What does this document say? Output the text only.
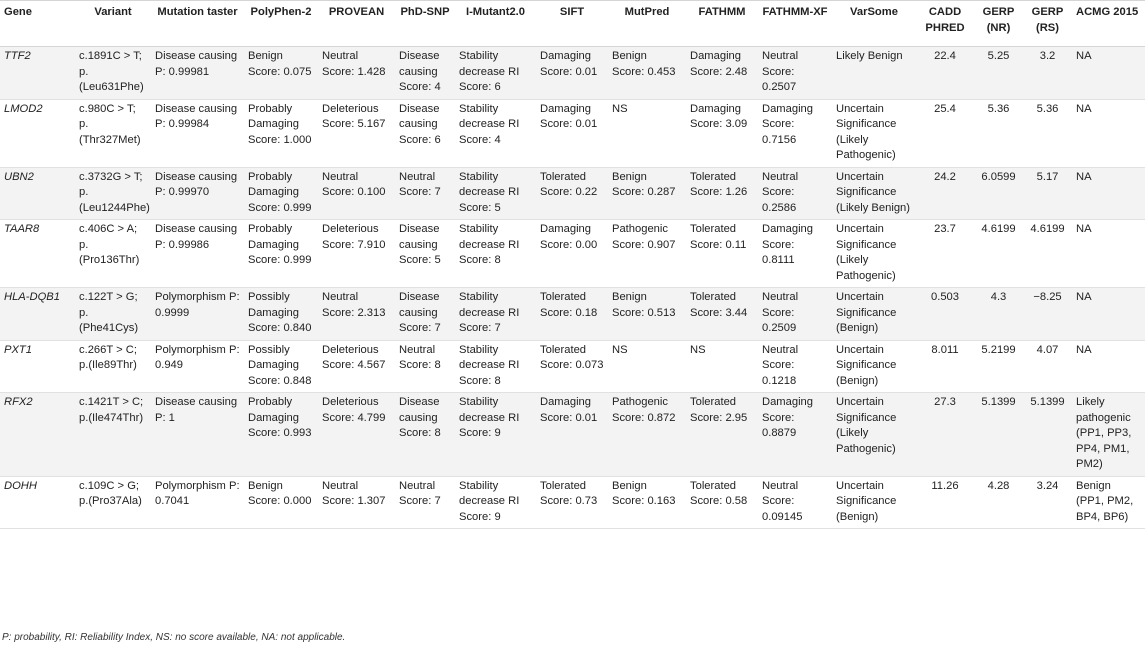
Gene	Variant	Mutation taster	PolyPhen-2	PROVEAN	PhD-SNP	I-Mutant2.0	SIFT	MutPred	FATHMM	FATHMM-XF	VarSome	CADD PHRED	GERP (NR)	GERP (RS)	ACMG 2015
TTF2	c.1891C > T; p.(Leu631Phe)	Disease causing P: 0.99981	Benign Score: 0.075	Neutral Score: 1.428	Disease causing Score: 4	Stability decrease RI Score: 6	Damaging Score: 0.01	Benign Score: 0.453	Damaging Score: 2.48	Neutral Score: 0.2507	Likely Benign	22.4	5.25	3.2	NA
LMOD2	c.980C > T; p.(Thr327Met)	Disease causing P: 0.99984	Probably Damaging Score: 1.000	Deleterious Score: 5.167	Disease causing Score: 6	Stability decrease RI Score: 4	Damaging Score: 0.01	NS	Damaging Score: 3.09	Damaging Score: 0.7156	Uncertain Significance (Likely Pathogenic)	25.4	5.36	5.36	NA
UBN2	c.3732G > T; p.(Leu1244Phe)	Disease causing P: 0.99970	Probably Damaging Score: 0.999	Neutral Score: 0.100	Neutral Score: 7	Stability decrease RI Score: 5	Tolerated Score: 0.22	Benign Score: 0.287	Tolerated Score: 1.26	Neutral Score: 0.2586	Uncertain Significance (Likely Benign)	24.2	6.0599	5.17	NA
TAAR8	c.406C > A; p.(Pro136Thr)	Disease causing P: 0.99986	Probably Damaging Score: 0.999	Deleterious Score: 7.910	Disease causing Score: 5	Stability decrease RI Score: 8	Damaging Score: 0.00	Pathogenic Score: 0.907	Tolerated Score: 0.11	Damaging Score: 0.8111	Uncertain Significance (Likely Pathogenic)	23.7	4.6199	4.6199	NA
HLA-DQB1	c.122T > G; p.(Phe41Cys)	Polymorphism P: 0.9999	Possibly Damaging Score: 0.840	Neutral Score: 2.313	Disease causing Score: 7	Stability decrease RI Score: 7	Tolerated Score: 0.18	Benign Score: 0.513	Tolerated Score: 3.44	Neutral Score: 0.2509	Uncertain Significance (Benign)	0.503	4.3	−8.25	NA
PXT1	c.266T > C; p.(Ile89Thr)	Polymorphism P: 0.949	Possibly Damaging Score: 0.848	Deleterious Score: 4.567	Neutral Score: 8	Stability decrease RI Score: 8	Tolerated Score: 0.073	NS	NS	Neutral Score: 0.1218	Uncertain Significance (Benign)	8.011	5.2199	4.07	NA
RFX2	c.1421T > C; p.(Ile474Thr)	Disease causing P: 1	Probably Damaging Score: 0.993	Deleterious Score: 4.799	Disease causing Score: 8	Stability decrease RI Score: 9	Damaging Score: 0.01	Pathogenic Score: 0.872	Tolerated Score: 2.95	Damaging Score: 0.8879	Uncertain Significance (Likely Pathogenic)	27.3	5.1399	5.1399	Likely pathogenic (PP1, PP3, PP4, PM1, PM2)
DOHH	c.109C > G; p.(Pro37Ala)	Polymorphism P: 0.7041	Benign Score: 0.000	Neutral Score: 1.307	Neutral Score: 7	Stability decrease RI Score: 9	Tolerated Score: 0.73	Benign Score: 0.163	Tolerated Score: 0.58	Neutral Score: 0.09145	Uncertain Significance (Benign)	11.26	4.28	3.24	Benign (PP1, PM2, BP4, BP6)
P: probability, RI: Reliability Index, NS: no score available, NA: not applicable.
